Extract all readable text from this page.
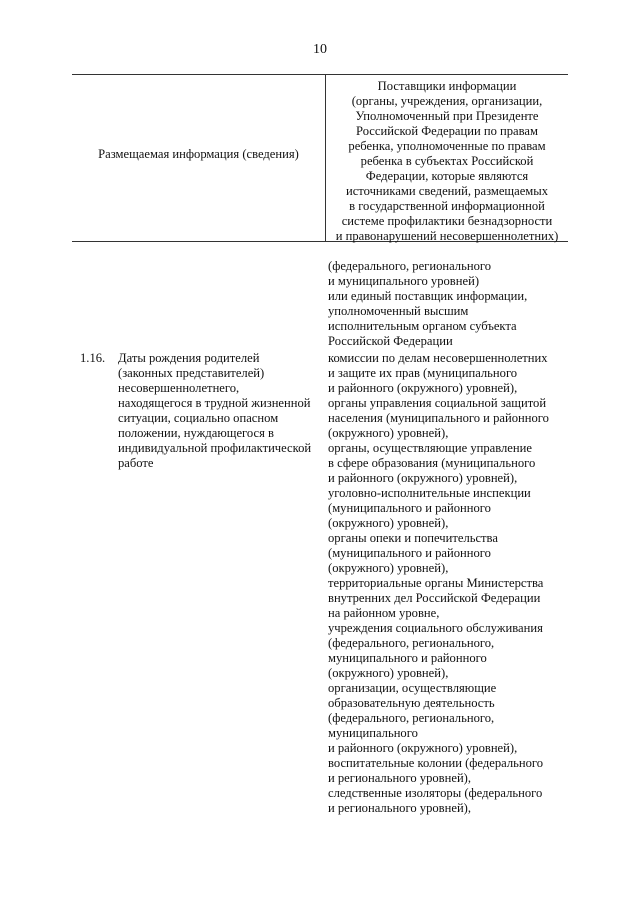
10
Размещаемая информация (сведения)
Поставщики информации
(органы, учреждения, организации,
Уполномоченный при Президенте
Российской Федерации по правам
ребенка, уполномоченные по правам
ребенка в субъектах Российской
Федерации, которые являются
источниками сведений, размещаемых
в государственной информационной
системе профилактики безнадзорности
и правонарушений несовершеннолетних)
(федерального, регионального
и муниципального уровней)
или единый поставщик информации,
уполномоченный высшим
исполнительным органом субъекта
Российской Федерации
1.16. Даты рождения родителей
(законных представителей)
несовершеннолетнего,
находящегося в трудной жизненной
ситуации, социально опасном
положении, нуждающегося в
индивидуальной профилактической
работе
комиссии по делам несовершеннолетних
и защите их прав (муниципального
и районного (окружного) уровней),
органы управления социальной защитой
населения (муниципального и районного
(окружного) уровней),
органы, осуществляющие управление
в сфере образования (муниципального
и районного (окружного) уровней),
уголовно-исполнительные инспекции
(муниципального и районного
(окружного) уровней),
органы опеки и попечительства
(муниципального и районного
(окружного) уровней),
территориальные органы Министерства
внутренних дел Российской Федерации
на районном уровне,
учреждения социального обслуживания
(федерального, регионального,
муниципального и районного
(окружного) уровней),
организации, осуществляющие
образовательную деятельность
(федерального, регионального,
муниципального
и районного (окружного) уровней),
воспитательные колонии (федерального
и регионального уровней),
следственные изоляторы (федерального
и регионального уровней),
